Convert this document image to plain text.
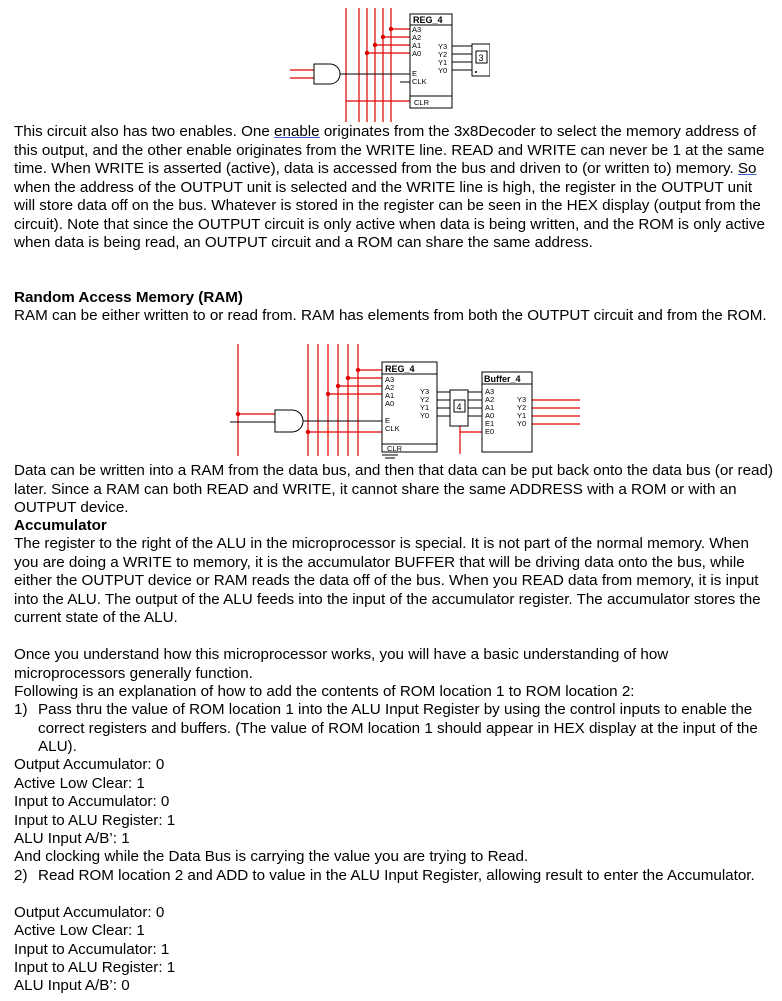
REG_4
A3
A2
A1
A0
Y3
Y2
Y1
Y0
E
CLK
CLR
3

This circuit also has two enables. One enable originates from the 3x8Decoder to select the memory address of this output, and the other enable originates from the WRITE line. READ and WRITE can never be 1 at the same time. When WRITE is asserted (active), data is accessed from the bus and driven to (or written to) memory. So when the address of the OUTPUT unit is selected and the WRITE line is high, the register in the OUTPUT unit will store data off on the bus. Whatever is stored in the register can be seen in the HEX display (output from the circuit). Note that since the OUTPUT circuit is only active when data is being written, and the ROM is only active when data is being read, an OUTPUT circuit and a ROM can share the same address.

Random Access Memory (RAM)

RAM can be either written to or read from. RAM has elements from both the OUTPUT circuit and from the ROM.

REG_4
A3
A2
A1
A0
Y3
Y2
Y1
Y0
E
CLK
CLR
4
Buffer_4
A3
A2
A1
A0
E1
E0
Y3
Y2
Y1
Y0

Data can be written into a RAM from the data bus, and then that data can be put back onto the data bus (or read) later. Since a RAM can both READ and WRITE, it cannot share the same ADDRESS with a ROM or with an OUTPUT device.

Accumulator

The register to the right of the ALU in the microprocessor is special. It is not part of the normal memory. When you are doing a WRITE to memory, it is the accumulator BUFFER that will be driving data onto the bus, while either the OUTPUT device or RAM reads the data off of the bus. When you READ data from memory, it is input into the ALU. The output of the ALU feeds into the input of the accumulator register. The accumulator stores the current state of the ALU.

Once you understand how this microprocessor works, you will have a basic understanding of how microprocessors generally function.

Following is an explanation of how to add the contents of ROM location 1 to ROM location 2:
1) Pass thru the value of ROM location 1 into the ALU Input Register by using the control inputs to enable the correct registers and buffers. (The value of ROM location 1 should appear in HEX display at the input of the ALU).
Output Accumulator: 0
Active Low Clear: 1
Input to Accumulator: 0
Input to ALU Register: 1
ALU Input A/B’: 1
And clocking while the Data Bus is carrying the value you are trying to Read.
2) Read ROM location 2 and ADD to value in the ALU Input Register, allowing result to enter the Accumulator.
Output Accumulator: 0
Active Low Clear: 1
Input to Accumulator: 1
Input to ALU Register: 1
ALU Input A/B’: 0
